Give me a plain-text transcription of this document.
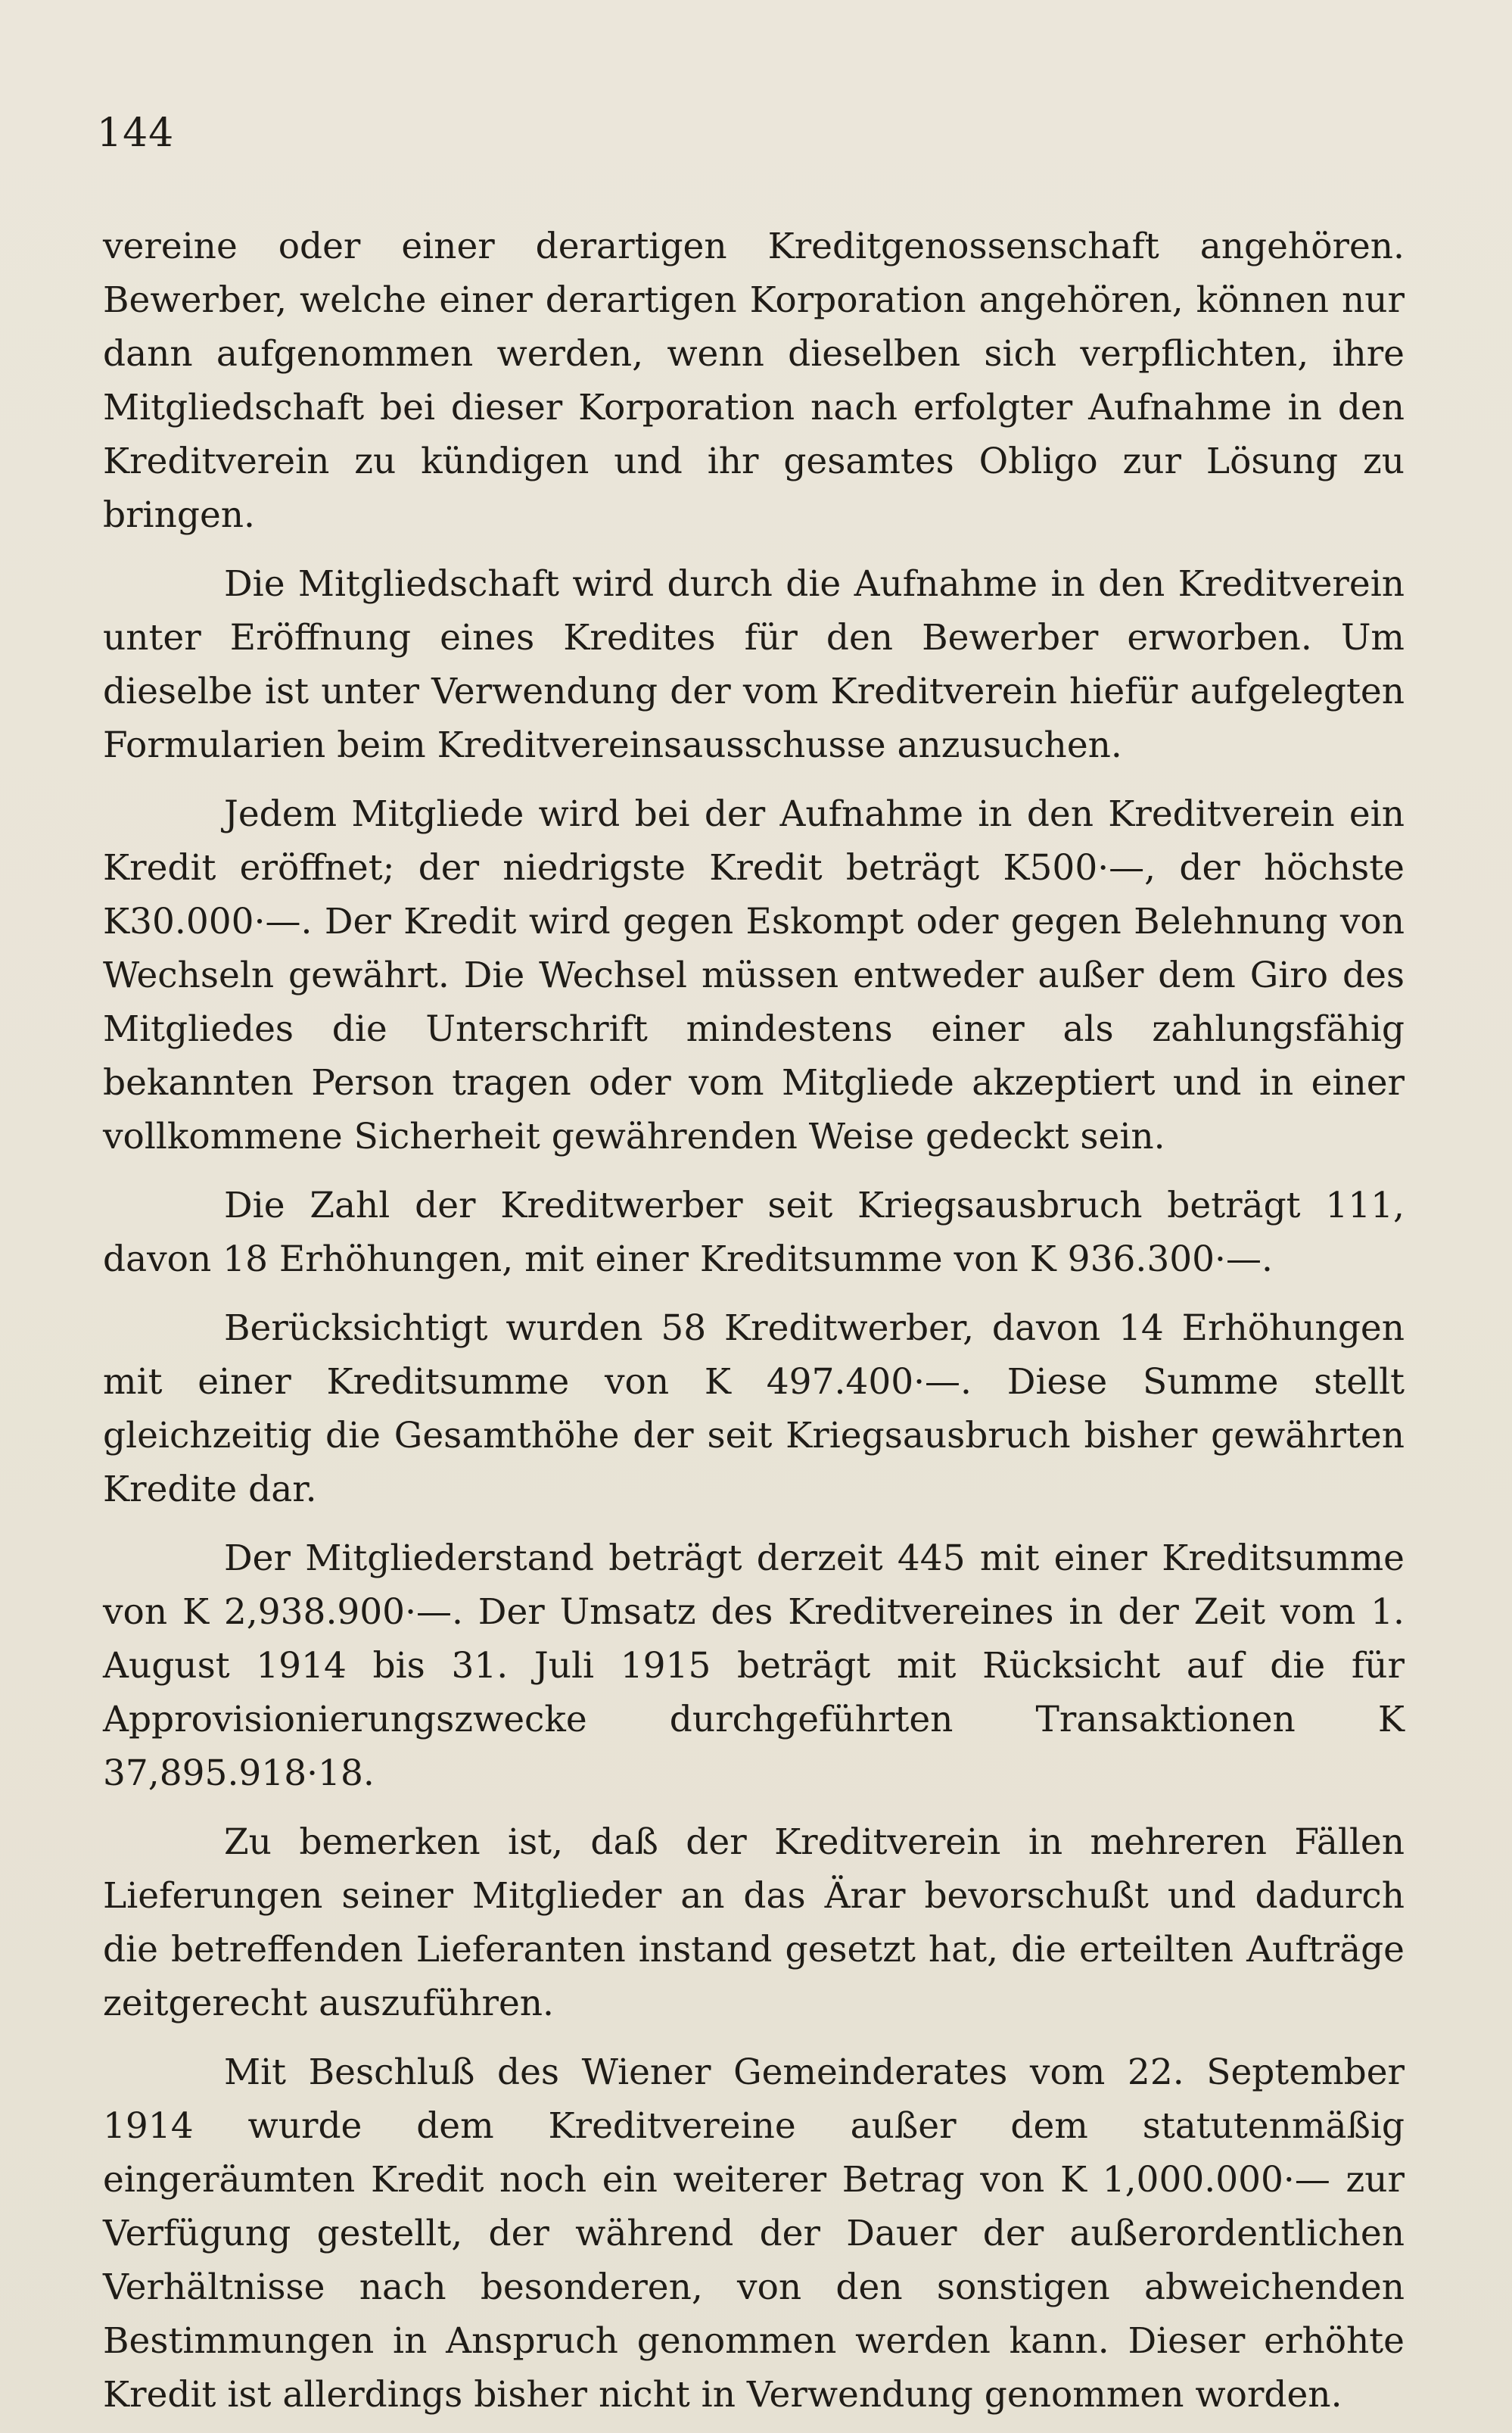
144

vereine oder einer derartigen Kreditgenossenschaft angehören. Bewerber, welche einer derartigen Korporation angehören, können nur dann aufgenommen werden, wenn dieselben sich verpflichten, ihre Mitgliedschaft bei dieser Korporation nach erfolgter Aufnahme in den Kreditverein zu kündigen und ihr gesamtes Obligo zur Lösung zu bringen.

Die Mitgliedschaft wird durch die Aufnahme in den Kreditverein unter Eröffnung eines Kredites für den Bewerber erworben. Um dieselbe ist unter Verwendung der vom Kreditverein hiefür aufgelegten Formularien beim Kreditvereinsausschusse anzusuchen.

Jedem Mitgliede wird bei der Aufnahme in den Kreditverein ein Kredit eröffnet; der niedrigste Kredit beträgt K500·—, der höchste K30.000·—. Der Kredit wird gegen Eskompt oder gegen Belehnung von Wechseln gewährt. Die Wechsel müssen entweder außer dem Giro des Mitgliedes die Unterschrift mindestens einer als zahlungsfähig bekannten Person tragen oder vom Mitgliede akzeptiert und in einer vollkommene Sicherheit gewährenden Weise gedeckt sein.

Die Zahl der Kreditwerber seit Kriegsausbruch beträgt 111, davon 18 Erhöhungen, mit einer Kreditsumme von K 936.300·—.

Berücksichtigt wurden 58 Kreditwerber, davon 14 Erhöhungen mit einer Kreditsumme von K 497.400·—. Diese Summe stellt gleichzeitig die Gesamthöhe der seit Kriegsausbruch bisher gewährten Kredite dar.

Der Mitgliederstand beträgt derzeit 445 mit einer Kreditsumme von K 2,938.900·—. Der Umsatz des Kreditvereines in der Zeit vom 1. August 1914 bis 31. Juli 1915 beträgt mit Rücksicht auf die für Approvisionierungszwecke durchgeführten Transaktionen K 37,895.918·18.

Zu bemerken ist, daß der Kreditverein in mehreren Fällen Lieferungen seiner Mitglieder an das Ärar bevorschußt und dadurch die betreffenden Lieferanten instand gesetzt hat, die erteilten Aufträge zeitgerecht auszuführen.

Mit Beschluß des Wiener Gemeinderates vom 22. September 1914 wurde dem Kreditvereine außer dem statutenmäßig eingeräumten Kredit noch ein weiterer Betrag von K 1,000.000·— zur Verfügung gestellt, der während der Dauer der außerordentlichen Verhältnisse nach besonderen, von den sonstigen abweichenden Bestimmungen in Anspruch genommen werden kann. Dieser erhöhte Kredit ist allerdings bisher nicht in Verwendung genommen worden.
